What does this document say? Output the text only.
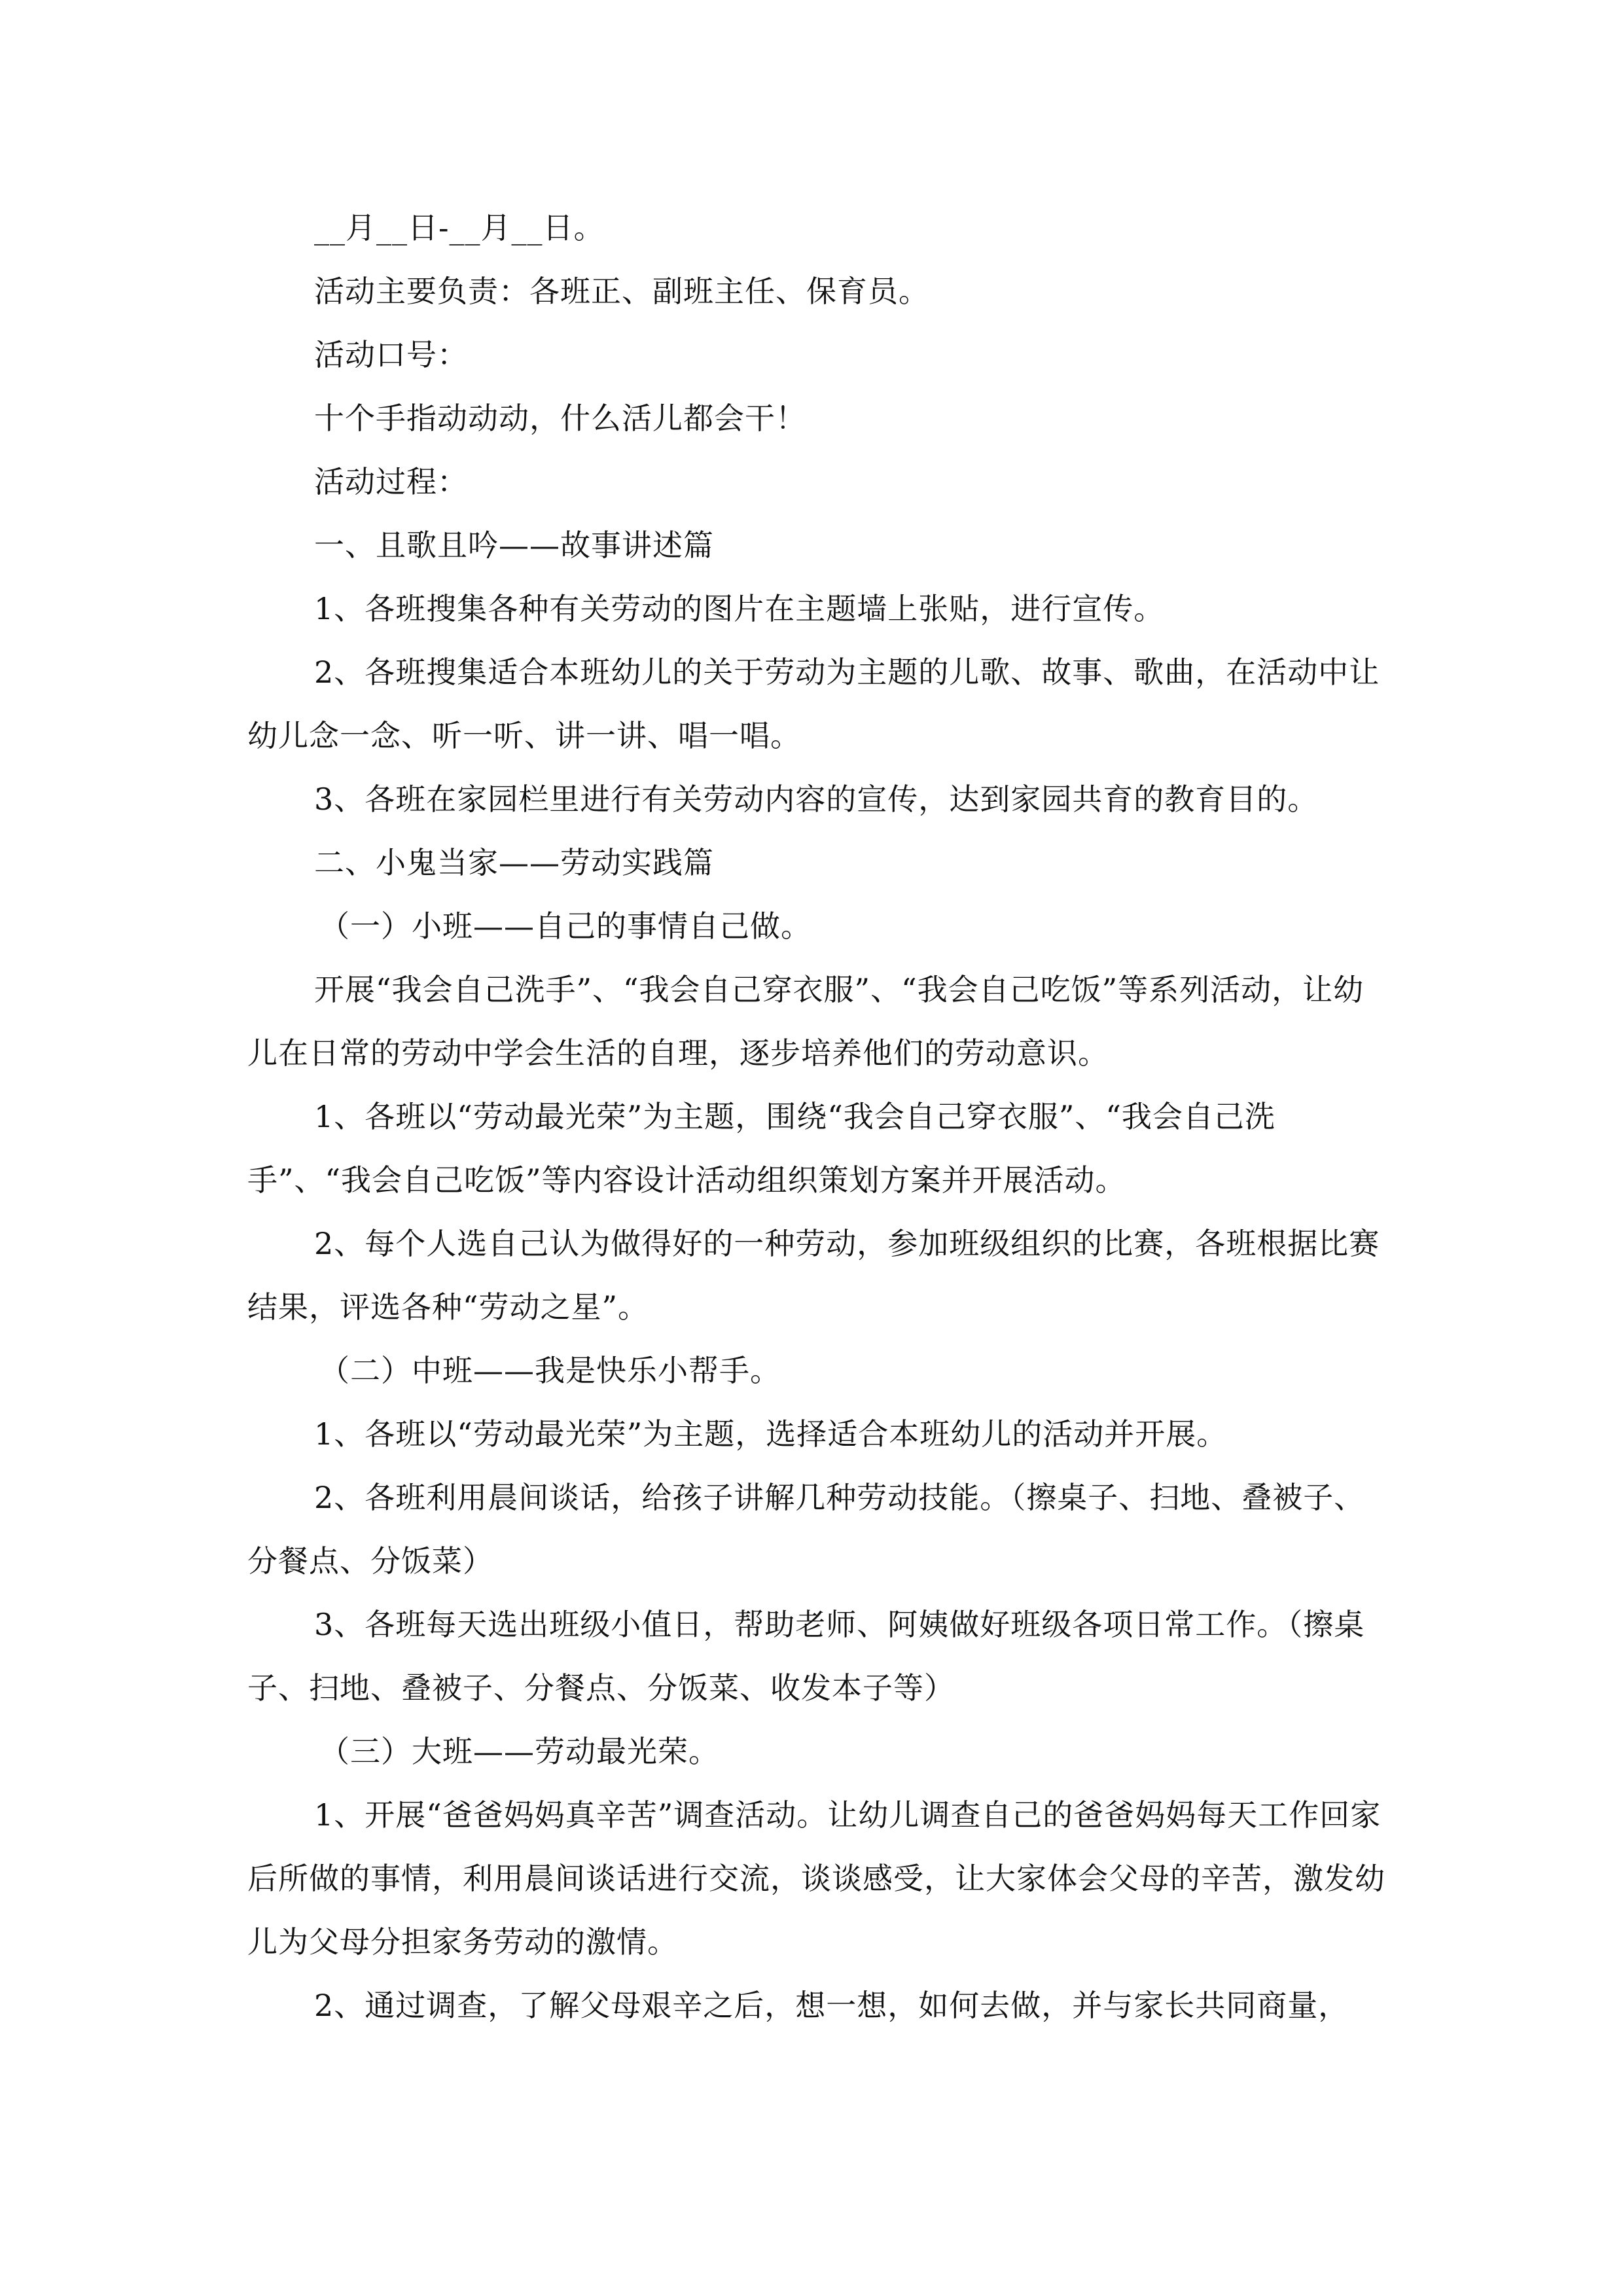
__月__日-__月__日。

活动主要负责：各班正、副班主任、保育员。

活动口号：

十个手指动动动，什么活儿都会干！

活动过程：

一、且歌且吟——故事讲述篇

1、各班搜集各种有关劳动的图片在主题墙上张贴，进行宣传。

2、各班搜集适合本班幼儿的关于劳动为主题的儿歌、故事、歌曲，在活动中让幼儿念一念、听一听、讲一讲、唱一唱。

3、各班在家园栏里进行有关劳动内容的宣传，达到家园共育的教育目的。

二、小鬼当家——劳动实践篇

（一）小班——自己的事情自己做。

开展“我会自己洗手”、“我会自己穿衣服”、“我会自己吃饭”等系列活动，让幼儿在日常的劳动中学会生活的自理，逐步培养他们的劳动意识。

1、各班以“劳动最光荣”为主题，围绕“我会自己穿衣服”、“我会自己洗手”、“我会自己吃饭”等内容设计活动组织策划方案并开展活动。

2、每个人选自己认为做得好的一种劳动，参加班级组织的比赛，各班根据比赛结果，评选各种“劳动之星”。

（二）中班——我是快乐小帮手。

1、各班以“劳动最光荣”为主题，选择适合本班幼儿的活动并开展。

2、各班利用晨间谈话，给孩子讲解几种劳动技能。（擦桌子、扫地、叠被子、分餐点、分饭菜）

3、各班每天选出班级小值日，帮助老师、阿姨做好班级各项日常工作。（擦桌子、扫地、叠被子、分餐点、分饭菜、收发本子等）

（三）大班——劳动最光荣。

1、开展“爸爸妈妈真辛苦”调查活动。让幼儿调查自己的爸爸妈妈每天工作回家后所做的事情，利用晨间谈话进行交流，谈谈感受，让大家体会父母的辛苦，激发幼儿为父母分担家务劳动的激情。

2、通过调查，了解父母艰辛之后，想一想，如何去做，并与家长共同商量，
